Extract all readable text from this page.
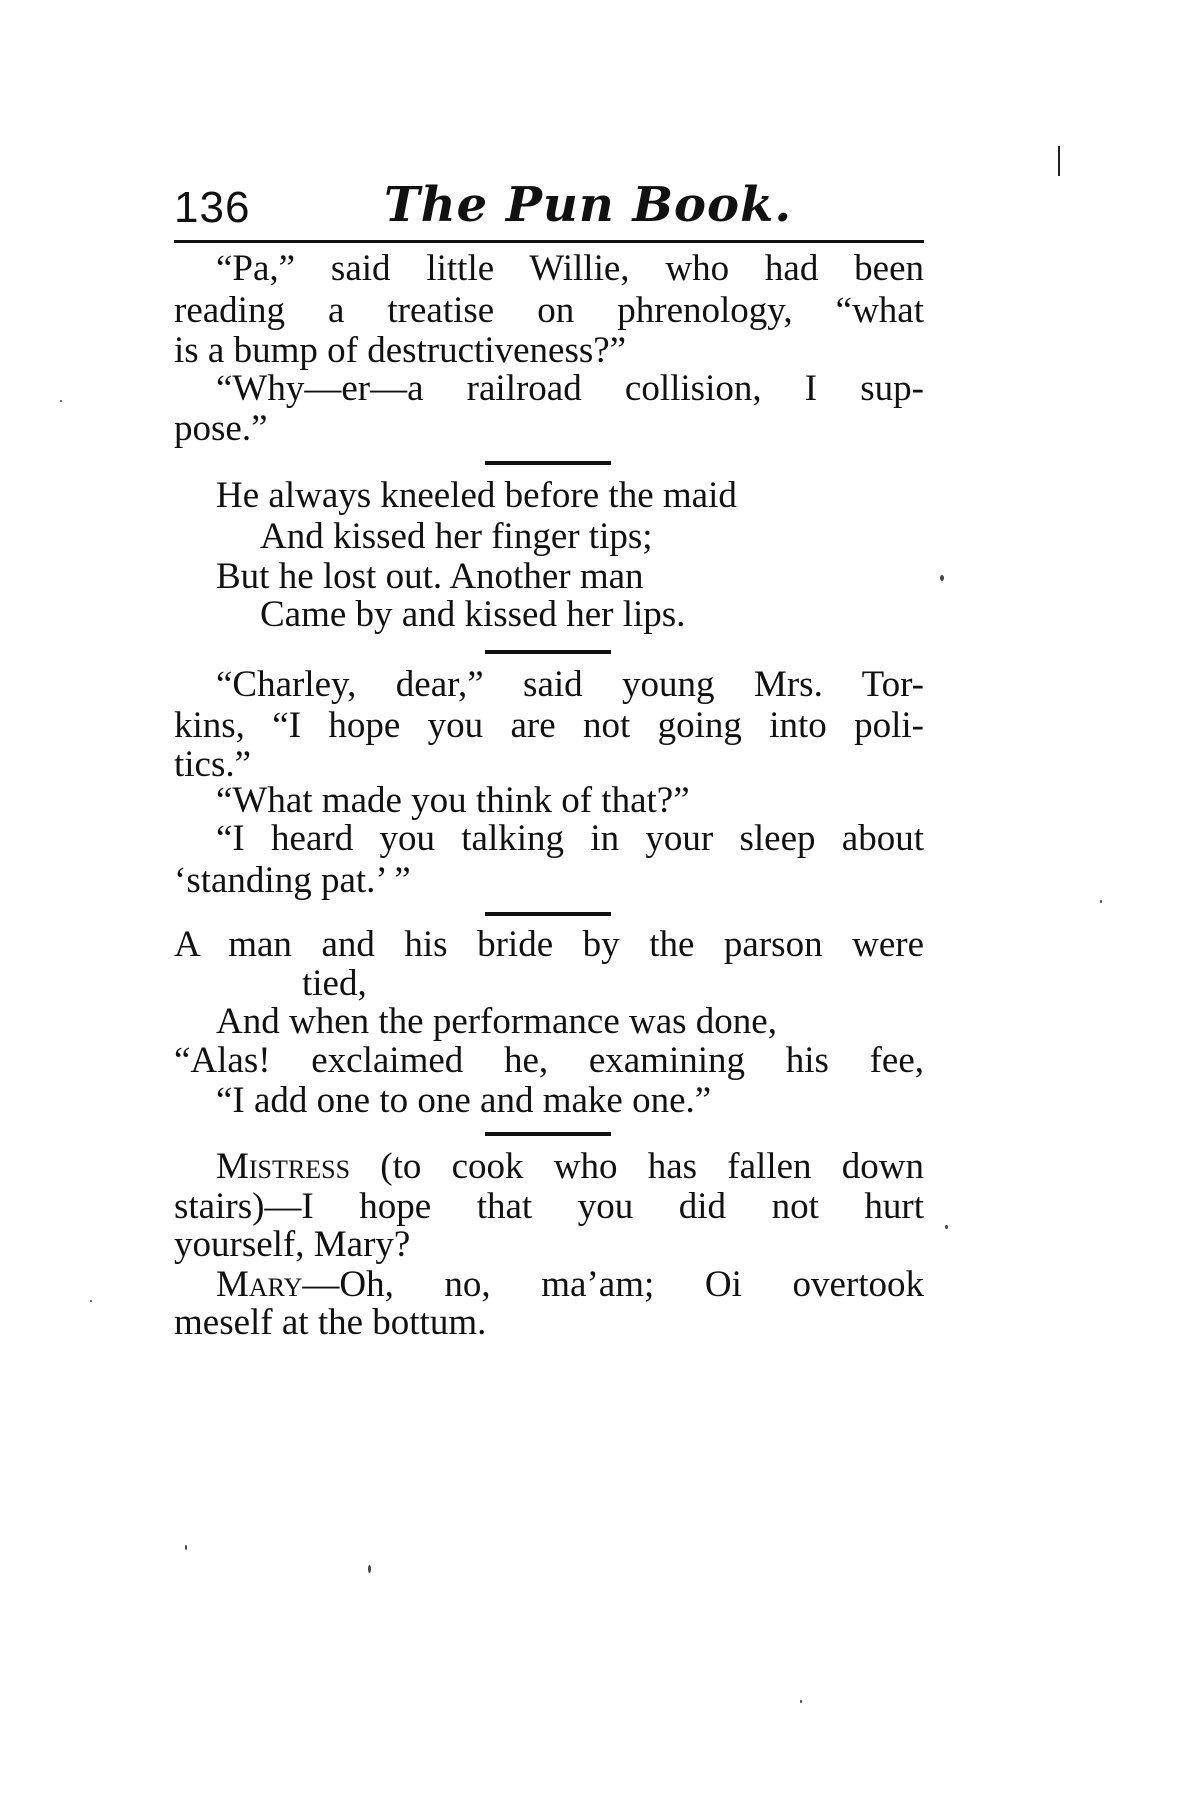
136	The Pun Book.
“Pa,” said little Willie, who had been
reading a treatise on phrenology, “what
is a bump of destructiveness?”
“Why—er—a railroad collision, I sup-
pose.”
He always kneeled before the maid
And kissed her finger tips;
But he lost out. Another man
Came by and kissed her lips.
“Charley, dear,” said young Mrs. Tor-
kins, “I hope you are not going into poli-
tics.”
“What made you think of that?”
“I heard you talking in your sleep about
‘standing pat.’ ”
A man and his bride by the parson were
tied,
And when the performance was done,
“Alas! exclaimed he, examining his fee,
“I add one to one and make one.”
Mistress (to cook who has fallen down
stairs)—I hope that you did not hurt
yourself, Mary?
Mary—Oh, no, ma’am; Oi overtook
meself at the bottum.
